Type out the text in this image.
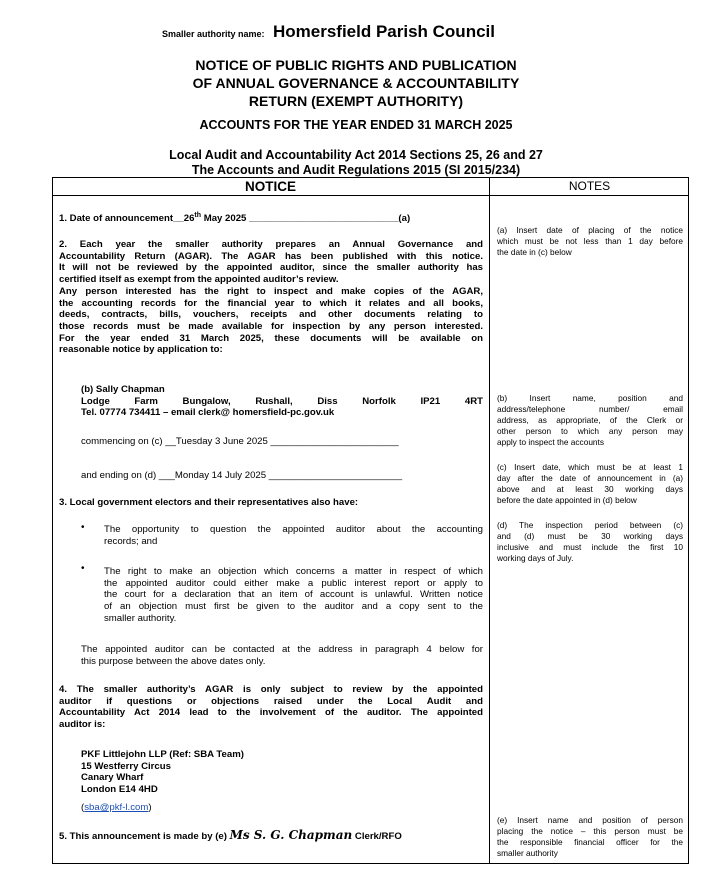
Smaller authority name: Homersfield Parish Council
NOTICE OF PUBLIC RIGHTS AND PUBLICATION
OF ANNUAL GOVERNANCE & ACCOUNTABILITY
RETURN (EXEMPT AUTHORITY)
ACCOUNTS FOR THE YEAR ENDED 31 MARCH 2025
Local Audit and Accountability Act 2014 Sections 25, 26 and 27
The Accounts and Audit Regulations 2015 (SI 2015/234)
NOTICE	NOTES
1. Date of announcement__26th May 2025 ____________________________(a)
2. Each year the smaller authority prepares an Annual Governance and
Accountability Return (AGAR). The AGAR has been published with this notice.
It will not be reviewed by the appointed auditor, since the smaller authority has
certified itself as exempt from the appointed auditor’s review.
Any person interested has the right to inspect and make copies of the AGAR,
the accounting records for the financial year to which it relates and all books,
deeds, contracts, bills, vouchers, receipts and other documents relating to
those records must be made available for inspection by any person interested.
For the year ended 31 March 2025, these documents will be available on
reasonable notice by application to:
(b) Sally Chapman
Lodge Farm Bungalow, Rushall, Diss Norfolk IP21 4RT
Tel. 07774 734411 – email clerk@ homersfield-pc.gov.uk
commencing on (c) __Tuesday 3 June 2025 ________________________
and ending on (d) ___Monday 14 July 2025 _________________________
3. Local government electors and their representatives also have:
• The opportunity to question the appointed auditor about the accounting
records; and
• The right to make an objection which concerns a matter in respect of which
the appointed auditor could either make a public interest report or apply to
the court for a declaration that an item of account is unlawful. Written notice
of an objection must first be given to the auditor and a copy sent to the
smaller authority.
The appointed auditor can be contacted at the address in paragraph 4 below for
this purpose between the above dates only.
4. The smaller authority’s AGAR is only subject to review by the appointed
auditor if questions or objections raised under the Local Audit and
Accountability Act 2014 lead to the involvement of the auditor. The appointed
auditor is:
PKF Littlejohn LLP (Ref: SBA Team)
15 Westferry Circus
Canary Wharf
London E14 4HD
(sba@pkf-l.com)
5. This announcement is made by (e) Ms S. G. Chapman Clerk/RFO
(a) Insert date of placing of the notice
which must be not less than 1 day before
the date in (c) below
(b) Insert name, position and
address/telephone number/ email
address, as appropriate, of the Clerk or
other person to which any person may
apply to inspect the accounts
(c) Insert date, which must be at least 1
day after the date of announcement in (a)
above and at least 30 working days
before the date appointed in (d) below
(d) The inspection period between (c)
and (d) must be 30 working days
inclusive and must include the first 10
working days of July.
(e) Insert name and position of person
placing the notice – this person must be
the responsible financial officer for the
smaller authority
